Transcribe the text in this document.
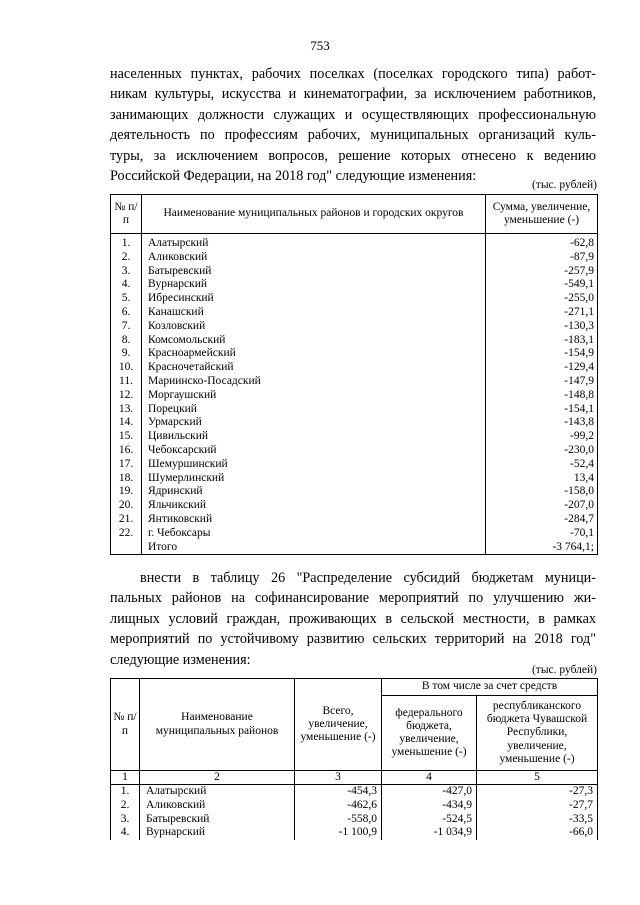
753

населенных пунктах, рабочих поселках (поселках городского типа) работ-
никам культуры, искусства и кинематографии, за исключением работников,
занимающих должности служащих и осуществляющих профессиональную
деятельность по профессиям рабочих, муниципальных организаций куль-
туры, за исключением вопросов, решение которых отнесено к ведению
Российской Федерации, на 2018 год" следующие изменения:

(тыс. рублей)
№ п/п	Наименование муниципальных районов и городских округов	Сумма, увеличение, уменьшение (-)
1.	Алатырский	-62,8
2.	Аликовский	-87,9
3.	Батыревский	-257,9
4.	Вурнарский	-549,1
5.	Ибресинский	-255,0
6.	Канашский	-271,1
7.	Козловский	-130,3
8.	Комсомольский	-183,1
9.	Красноармейский	-154,9
10.	Красночетайский	-129,4
11.	Мариинско-Посадский	-147,9
12.	Моргаушский	-148,8
13.	Порецкий	-154,1
14.	Урмарский	-143,8
15.	Цивильский	-99,2
16.	Чебоксарский	-230,0
17.	Шемуршинский	-52,4
18.	Шумерлинский	13,4
19.	Ядринский	-158,0
20.	Яльчикский	-207,0
21.	Янтиковский	-284,7
22.	г. Чебоксары	-70,1
	Итого	-3 764,1;

внести в таблицу 26 "Распределение субсидий бюджетам муници-
пальных районов на софинансирование мероприятий по улучшению жи-
лищных условий граждан, проживающих в сельской местности, в рамках
мероприятий по устойчивому развитию сельских территорий на 2018 год"
следующие изменения:

(тыс. рублей)
№ п/п	Наименование муниципальных районов	Всего, увеличение, уменьшение (-)	В том числе за счет средств	
			федерального бюджета, увеличение, уменьшение (-)	республиканского бюджета Чувашской Республики, увеличение, уменьшение (-)
1	2	3	4	5
1.	Алатырский	-454,3	-427,0	-27,3
2.	Аликовский	-462,6	-434,9	-27,7
3.	Батыревский	-558,0	-524,5	-33,5
4.	Вурнарский	-1 100,9	-1 034,9	-66,0
